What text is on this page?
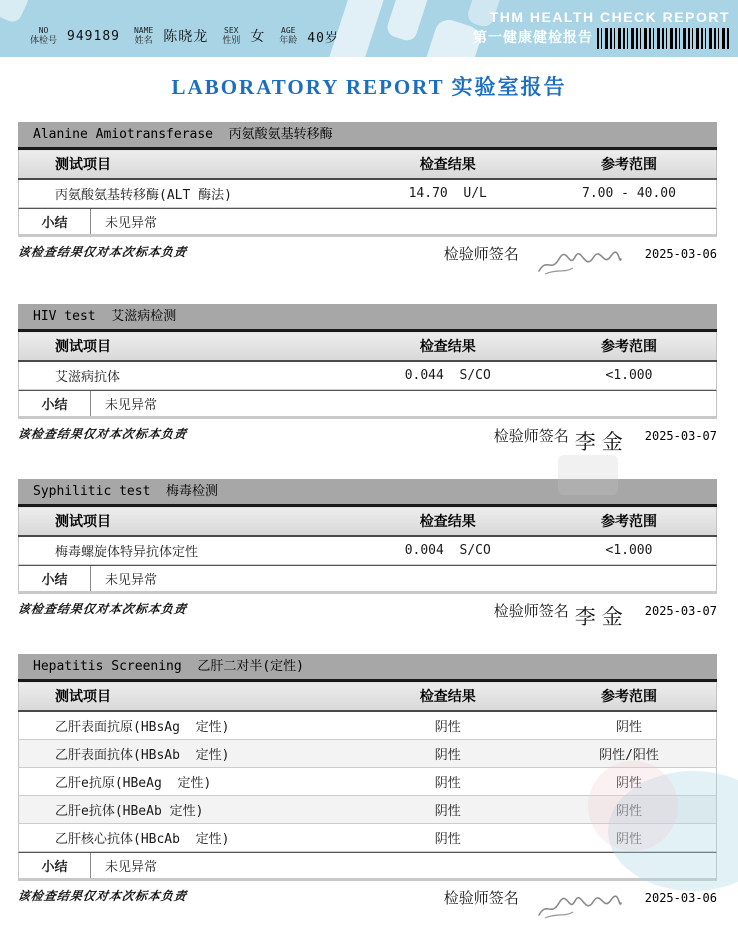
THM HEALTH CHECK REPORT
第一健康健检报告
NO
体检号 949189 NAME
姓名 陈晓龙 SEX
性别 女 AGE
年龄 40岁
LABORATORY REPORT 实验室报告
Alanine Amiotransferase  丙氨酸氨基转移酶
测试项目	检查结果	参考范围
丙氨酸氨基转移酶(ALT 酶法)	14.70  U/L	7.00 - 40.00
小结	未见异常
该检查结果仅对本次标本负责	检验师签名	2025-03-06
HIV test  艾滋病检测
测试项目	检查结果	参考范围
艾滋病抗体	0.044  S/CO	<1.000
小结	未见异常
该检查结果仅对本次标本负责	检验师签名 李金 2025-03-07
Syphilitic test  梅毒检测
测试项目	检查结果	参考范围
梅毒螺旋体特异抗体定性	0.004  S/CO	<1.000
小结	未见异常
该检查结果仅对本次标本负责	检验师签名 李金 2025-03-07
Hepatitis Screening  乙肝二对半(定性)
测试项目	检查结果	参考范围
乙肝表面抗原(HBsAg  定性)	阴性	阴性
乙肝表面抗体(HBsAb  定性)	阴性	阴性/阳性
乙肝e抗原(HBeAg  定性)	阴性	阴性
乙肝e抗体(HBeAb 定性)	阴性	阴性
乙肝核心抗体(HBcAb  定性)	阴性	阴性
小结	未见异常
该检查结果仅对本次标本负责	检验师签名	2025-03-06
